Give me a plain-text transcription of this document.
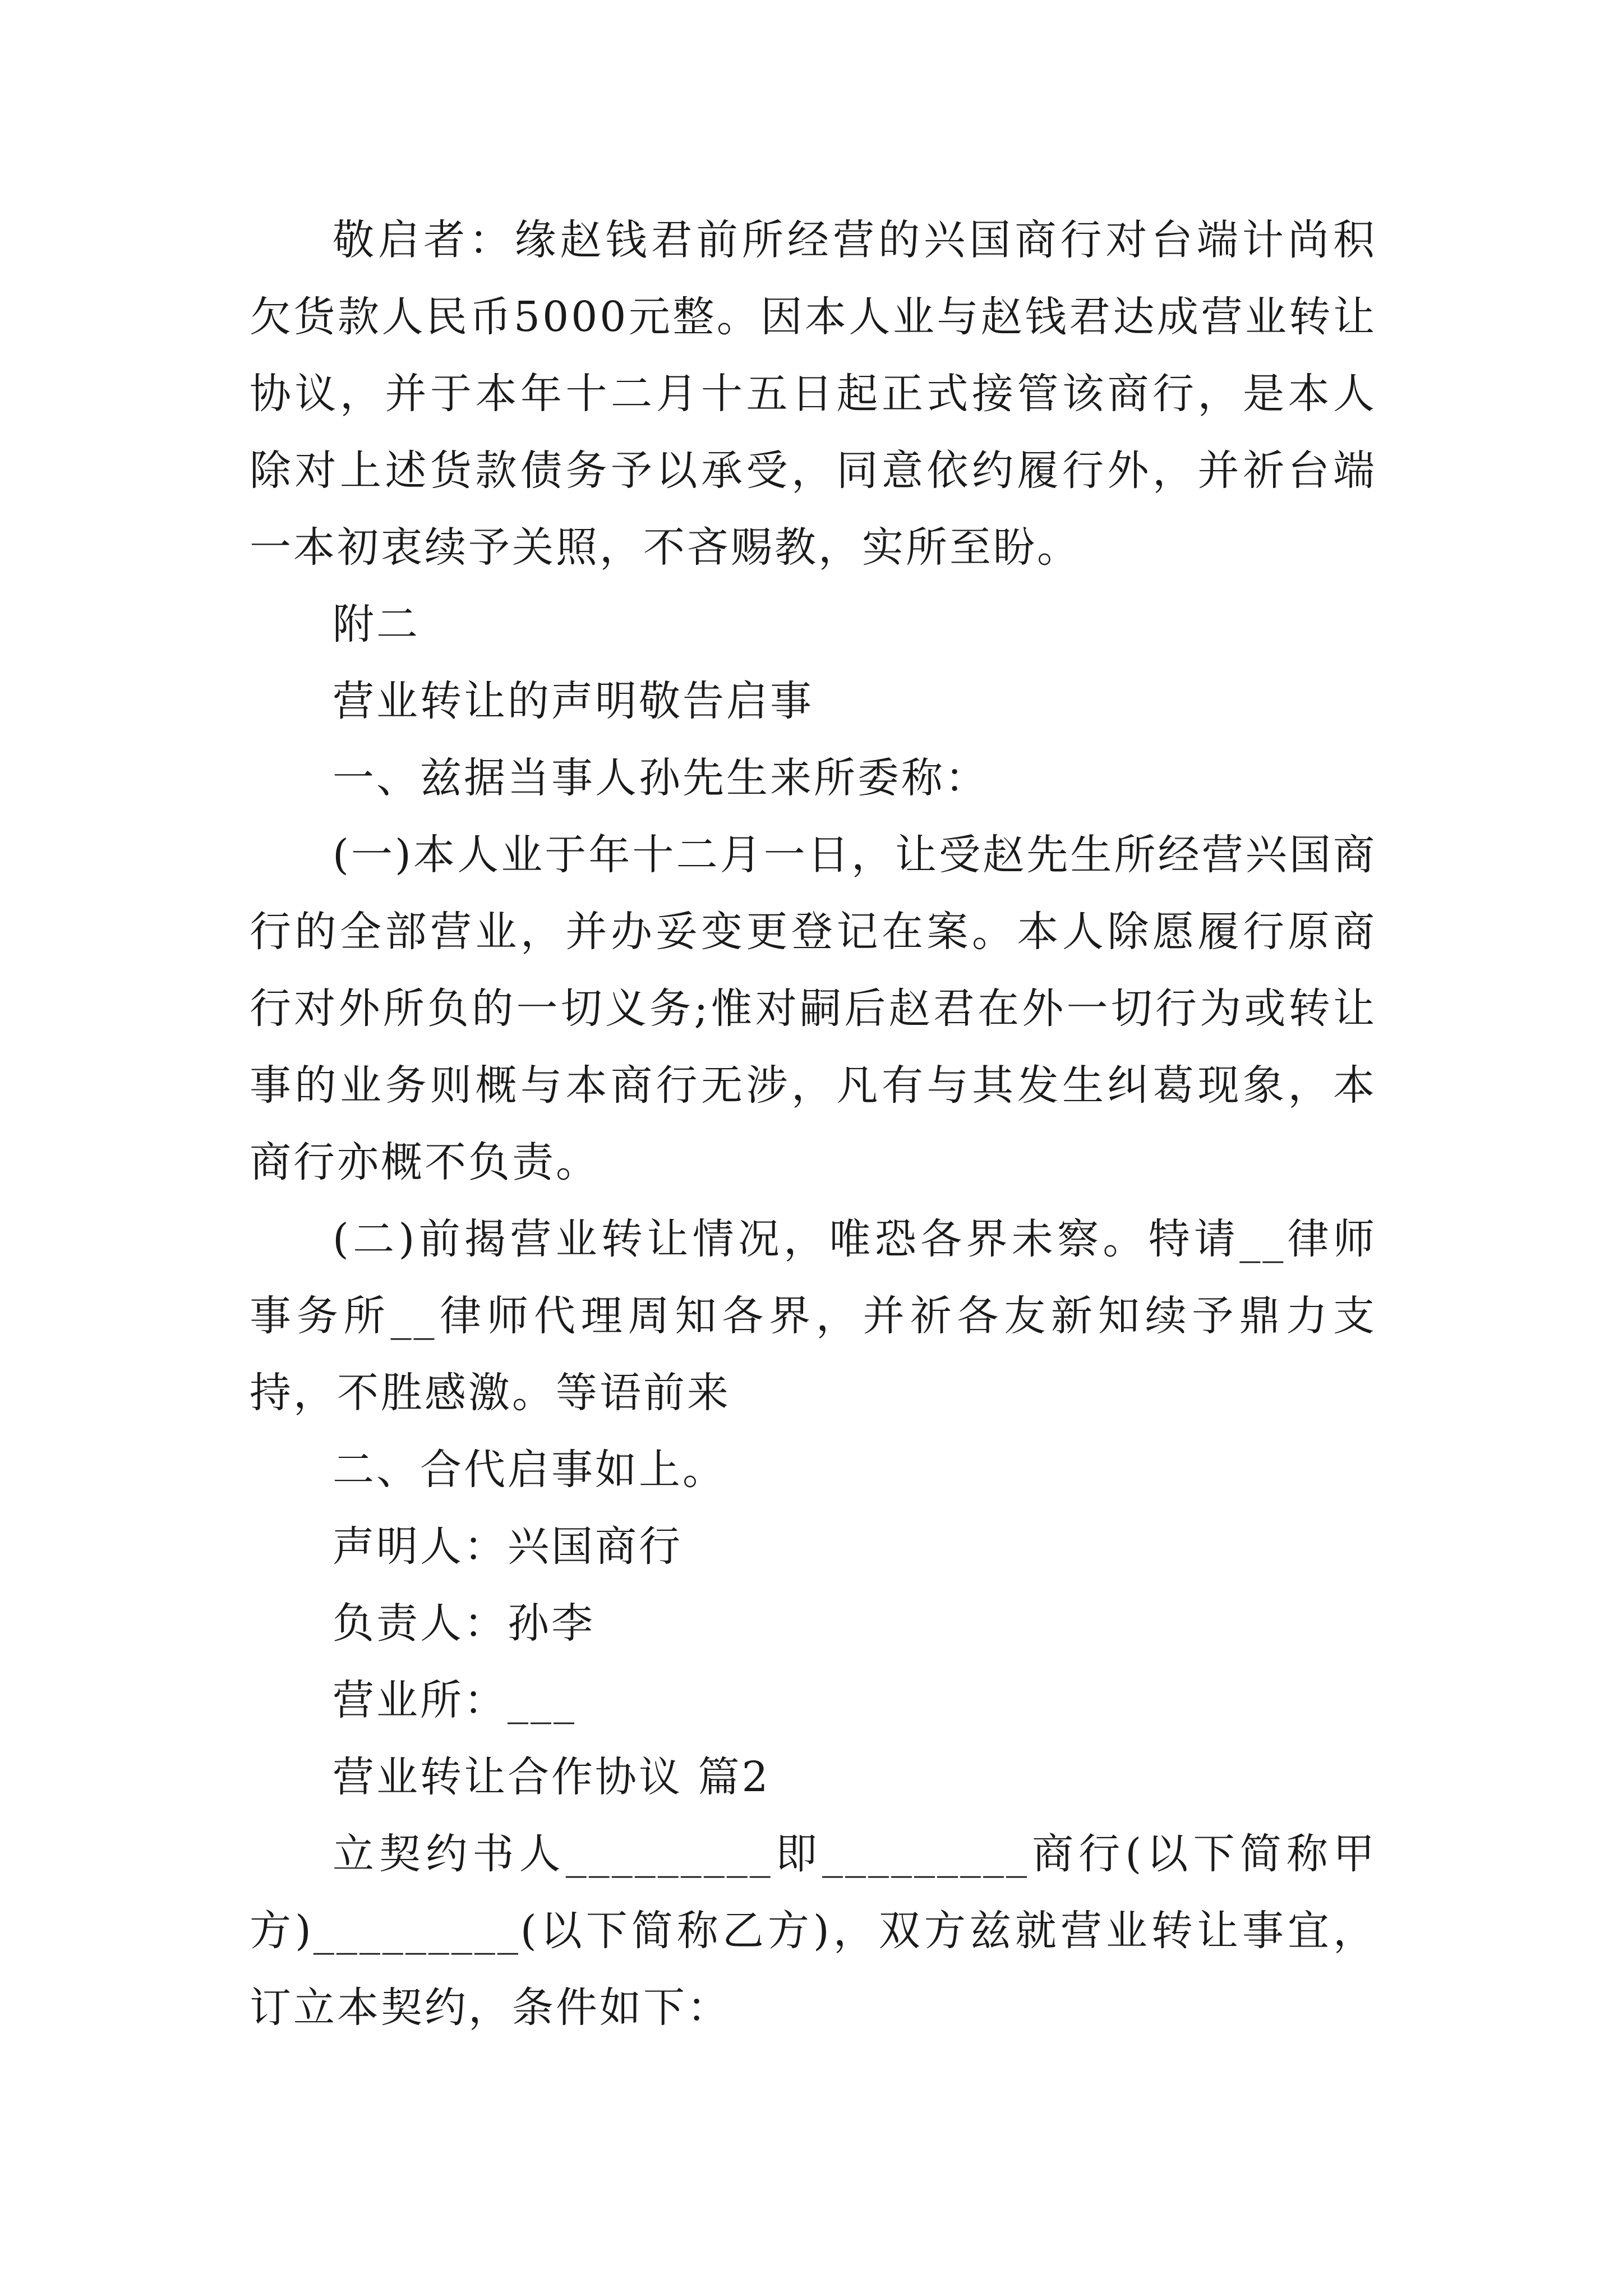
敬启者：缘赵钱君前所经营的兴国商行对台端计尚积欠货款人民币5000元整。因本人业与赵钱君达成营业转让协议，并于本年十二月十五日起正式接管该商行，是本人除对上述货款债务予以承受，同意依约履行外，并祈台端一本初衷续予关照，不吝赐教，实所至盼。

附二

营业转让的声明敬告启事

一、兹据当事人孙先生来所委称：

(一)本人业于年十二月一日，让受赵先生所经营兴国商行的全部营业，并办妥变更登记在案。本人除愿履行原商行对外所负的一切义务;惟对嗣后赵君在外一切行为或转让事的业务则概与本商行无涉，凡有与其发生纠葛现象，本商行亦概不负责。

(二)前揭营业转让情况，唯恐各界未察。特请__律师事务所__律师代理周知各界，并祈各友新知续予鼎力支持，不胜感激。等语前来

二、合代启事如上。

声明人：兴国商行

负责人：孙李

营业所：___

营业转让合作协议 篇2

立契约书人_________即_________商行(以下简称甲方)_________(以下简称乙方)，双方兹就营业转让事宜，订立本契约，条件如下：
